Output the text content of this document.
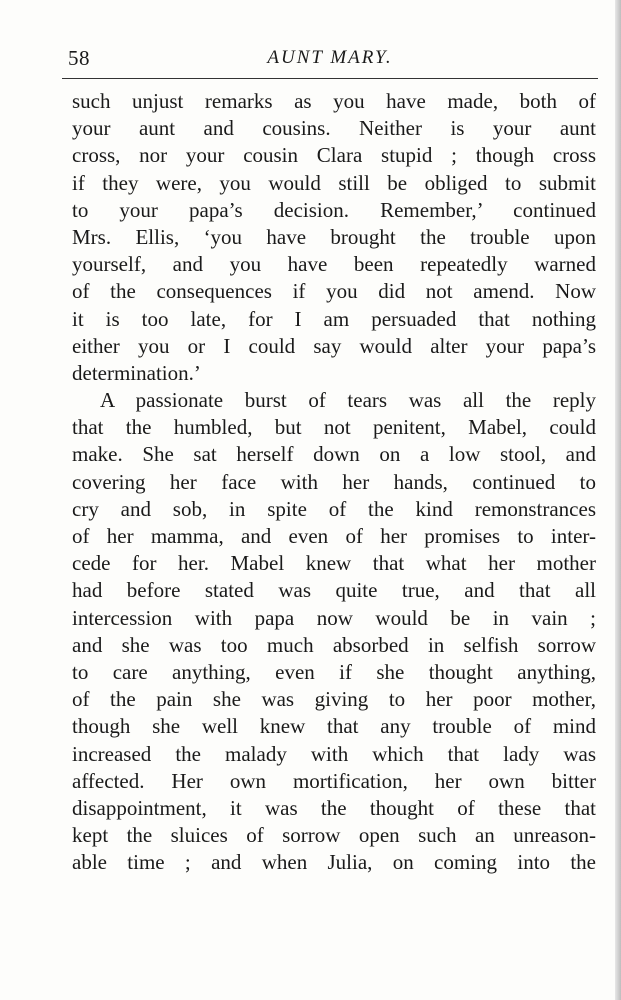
58	AUNT MARY.
such unjust remarks as you have made, both of
your aunt and cousins. Neither is your aunt
cross, nor your cousin Clara stupid ; though cross
if they were, you would still be obliged to submit
to your papa’s decision. Remember,’ continued
Mrs. Ellis, ‘you have brought the trouble upon
yourself, and you have been repeatedly warned
of the consequences if you did not amend. Now
it is too late, for I am persuaded that nothing
either you or I could say would alter your papa’s
determination.’
A passionate burst of tears was all the reply
that the humbled, but not penitent, Mabel, could
make. She sat herself down on a low stool, and
covering her face with her hands, continued to
cry and sob, in spite of the kind remonstrances
of her mamma, and even of her promises to inter-
cede for her. Mabel knew that what her mother
had before stated was quite true, and that all
intercession with papa now would be in vain ;
and she was too much absorbed in selfish sorrow
to care anything, even if she thought anything,
of the pain she was giving to her poor mother,
though she well knew that any trouble of mind
increased the malady with which that lady was
affected. Her own mortification, her own bitter
disappointment, it was the thought of these that
kept the sluices of sorrow open such an unreason-
able time ; and when Julia, on coming into the
